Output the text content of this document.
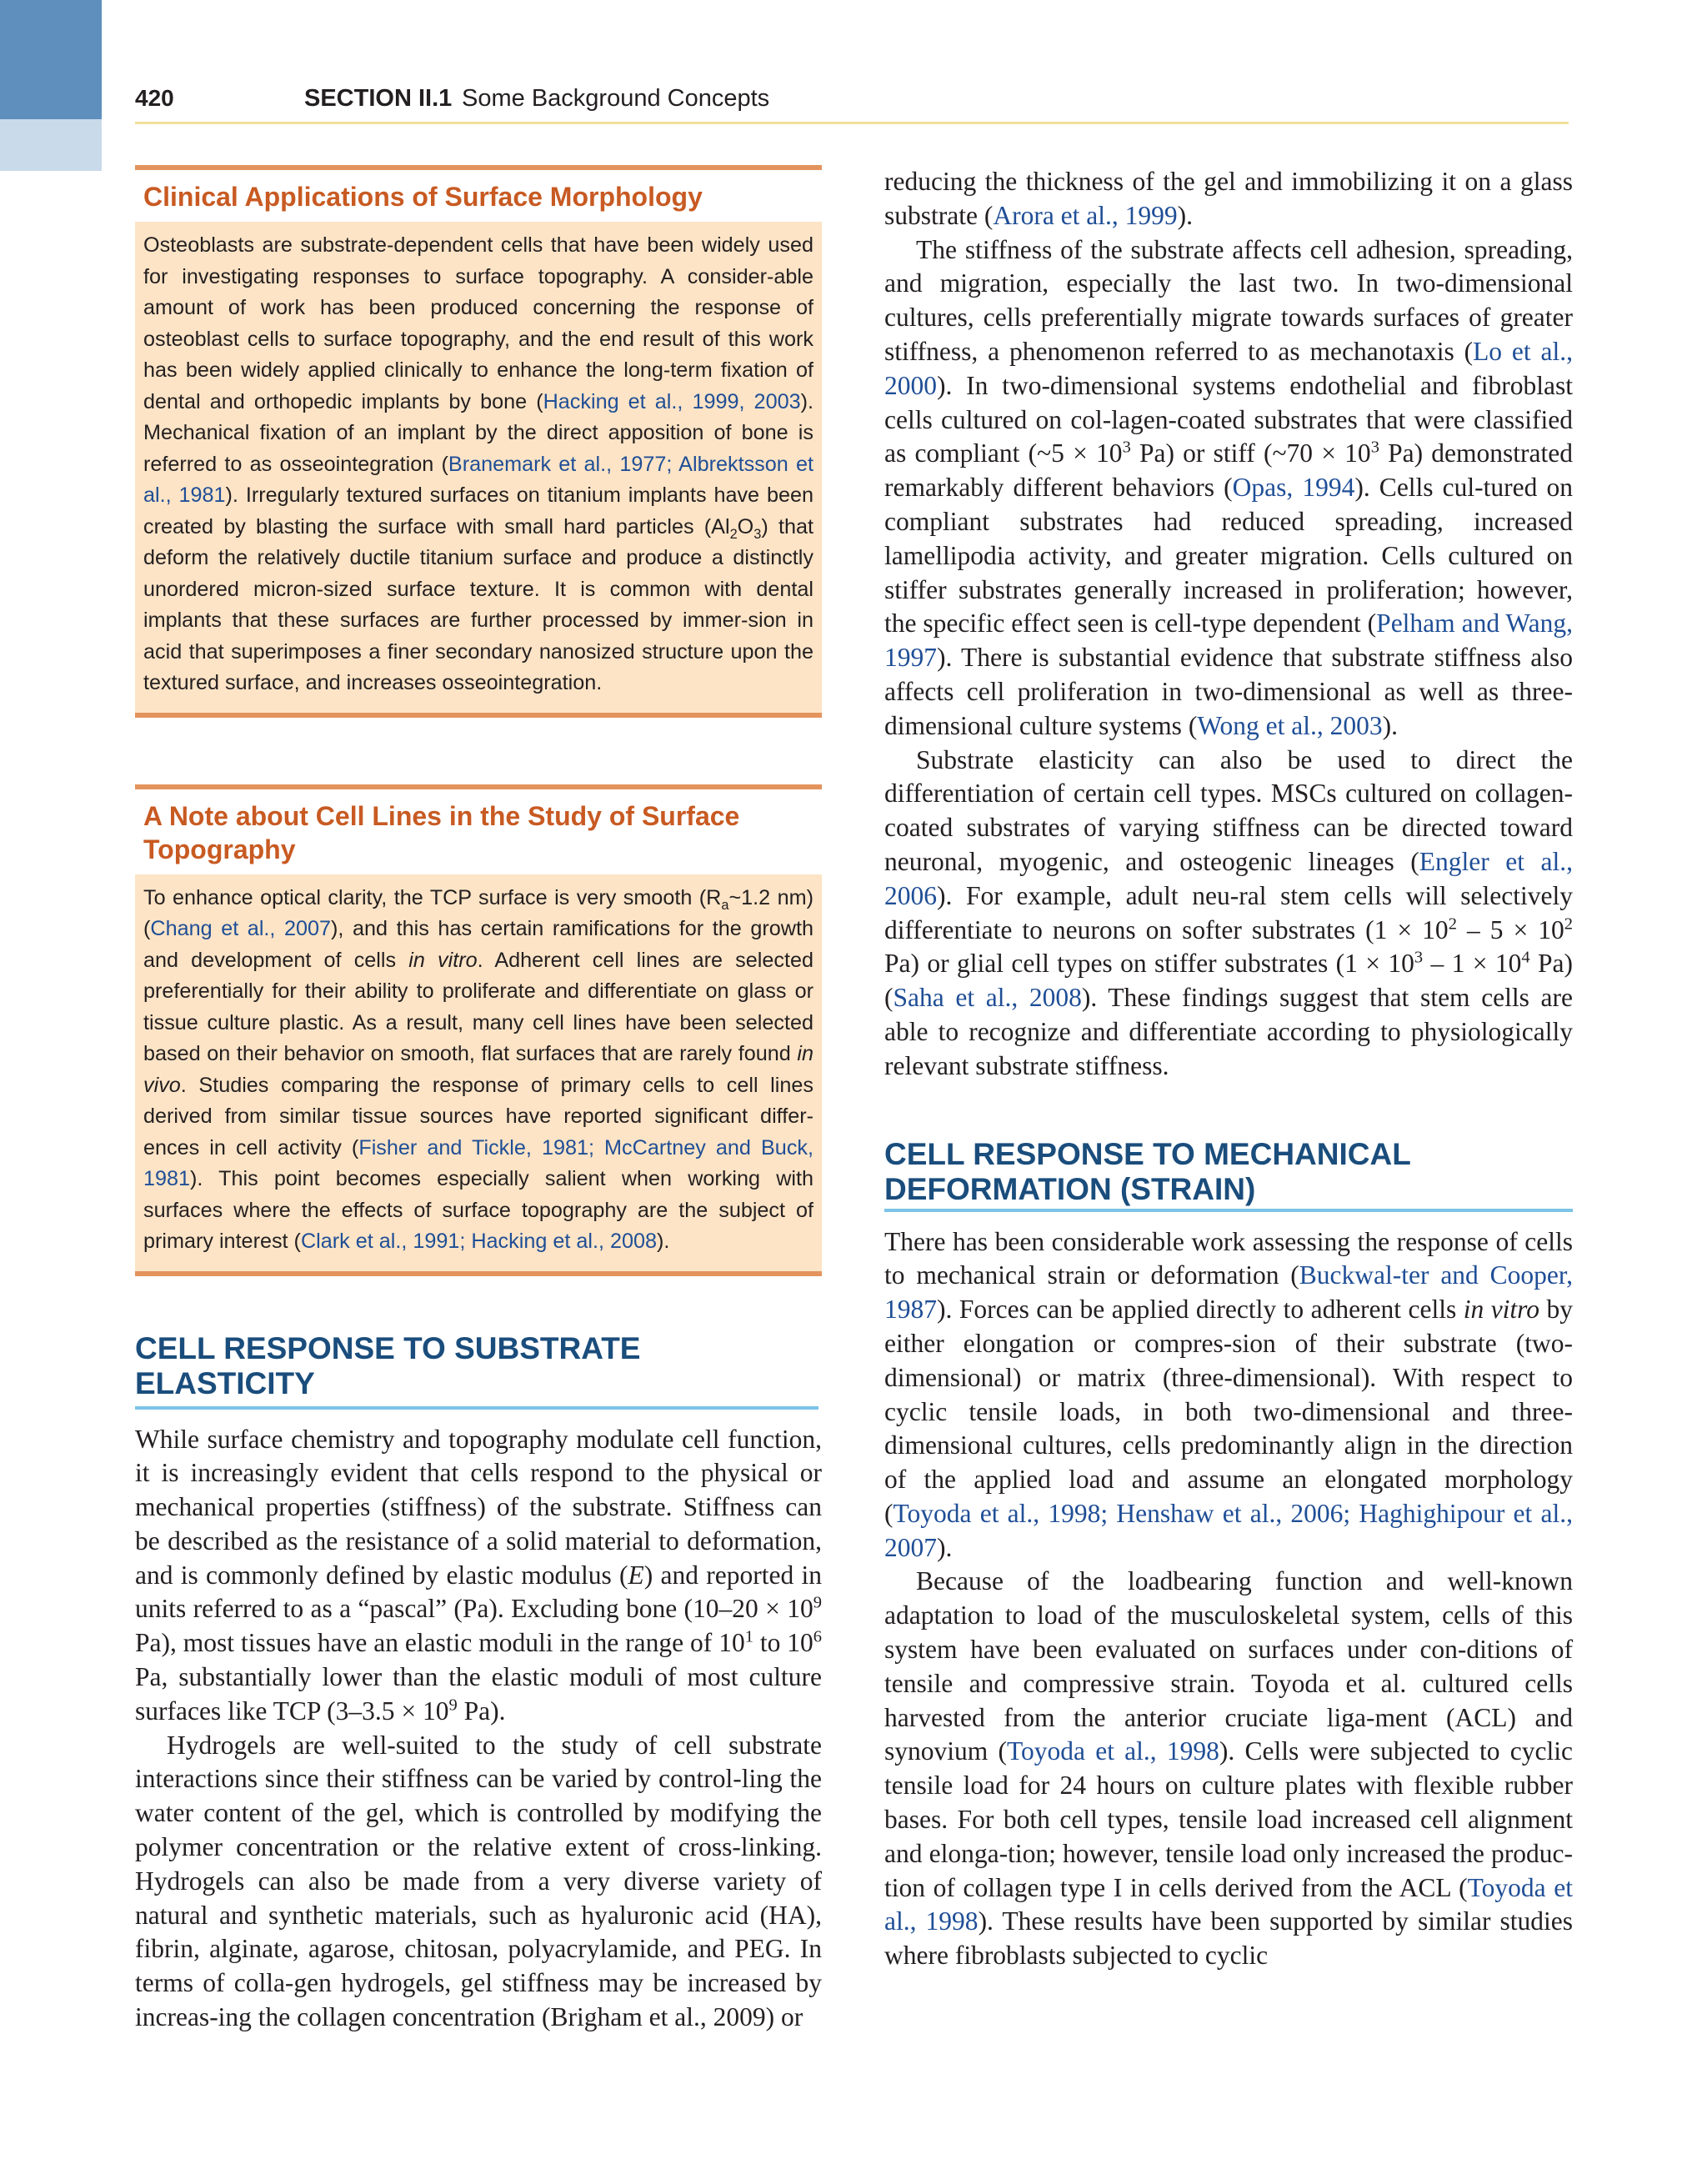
420	SECTION II.1 Some Background Concepts
Clinical Applications of Surface Morphology

Osteoblasts are substrate-dependent cells that have been widely used for investigating responses to surface topography. A consider-able amount of work has been produced concerning the response of osteoblast cells to surface topography, and the end result of this work has been widely applied clinically to enhance the long-term fixation of dental and orthopedic implants by bone (Hacking et al., 1999, 2003). Mechanical fixation of an implant by the direct apposition of bone is referred to as osseointegration (Branemark et al., 1977; Albrektsson et al., 1981). Irregularly textured surfaces on titanium implants have been created by blasting the surface with small hard particles $(Al_2O_3)$ that deform the relatively ductile titanium surface and produce a distinctly unordered micron-sized surface texture. It is common with dental implants that these surfaces are further processed by immer-sion in acid that superimposes a finer secondary nanosized structure upon the textured surface, and increases osseointegration.

A Note about Cell Lines in the Study of Surface Topography

To enhance optical clarity, the TCP surface is very smooth ($R_a\sim 1.2$ nm) (Chang et al., 2007), and this has certain ramifications for the growth and development of cells in vitro. Adherent cell lines are selected preferentially for their ability to proliferate and differentiate on glass or tissue culture plastic. As a result, many cell lines have been selected based on their behavior on smooth, flat surfaces that are rarely found in vivo. Studies comparing the response of primary cells to cell lines derived from similar tissue sources have reported significant differ-ences in cell activity (Fisher and Tickle, 1981; McCartney and Buck, 1981). This point becomes especially salient when working with surfaces where the effects of surface topography are the subject of primary interest (Clark et al., 1991; Hacking et al., 2008).

CELL RESPONSE TO SUBSTRATE ELASTICITY

While surface chemistry and topography modulate cell function, it is increasingly evident that cells respond to the physical or mechanical properties (stiffness) of the substrate. Stiffness can be described as the resistance of a solid material to deformation, and is commonly defined by elastic modulus (E) and reported in units referred to as a “pascal” (Pa). Excluding bone ($10-20 \times 10^9$ Pa), most tissues have an elastic moduli in the range of $10^1$ to $10^6$ Pa, substantially lower than the elastic moduli of most culture surfaces like TCP ($3-3.5 \times 10^9$ Pa).

Hydrogels are well-suited to the study of cell substrate interactions since their stiffness can be varied by control-ling the water content of the gel, which is controlled by modifying the polymer concentration or the relative extent of cross-linking. Hydrogels can also be made from a very diverse variety of natural and synthetic materials, such as hyaluronic acid (HA), fibrin, alginate, agarose, chitosan, polyacrylamide, and PEG. In terms of colla-gen hydrogels, gel stiffness may be increased by increas-ing the collagen concentration (Brigham et al., 2009) or

reducing the thickness of the gel and immobilizing it on a glass substrate (Arora et al., 1999).

The stiffness of the substrate affects cell adhesion, spreading, and migration, especially the last two. In two-dimensional cultures, cells preferentially migrate towards surfaces of greater stiffness, a phenomenon referred to as mechanotaxis (Lo et al., 2000). In two-dimensional systems endothelial and fibroblast cells cultured on col-lagen-coated substrates that were classified as compliant (~5 × $10^3$ Pa) or stiff (~70 × $10^3$ Pa) demonstrated remarkably different behaviors (Opas, 1994). Cells cul-tured on compliant substrates had reduced spreading, increased lamellipodia activity, and greater migration. Cells cultured on stiffer substrates generally increased in proliferation; however, the specific effect seen is cell-type dependent (Pelham and Wang, 1997). There is substantial evidence that substrate stiffness also affects cell proliferation in two-dimensional as well as three-dimensional culture systems (Wong et al., 2003).

Substrate elasticity can also be used to direct the differentiation of certain cell types. MSCs cultured on collagen-coated substrates of varying stiffness can be directed toward neuronal, myogenic, and osteogenic lineages (Engler et al., 2006). For example, adult neu-ral stem cells will selectively differentiate to neurons on softer substrates ($1 \times 10^2 - 5 \times 10^2$ Pa) or glial cell types on stiffer substrates ($1 \times 10^3 - 1 \times 10^4$ Pa) (Saha et al., 2008). These findings suggest that stem cells are able to recognize and differentiate according to physiologically relevant substrate stiffness.

CELL RESPONSE TO MECHANICAL DEFORMATION (STRAIN)

There has been considerable work assessing the response of cells to mechanical strain or deformation (Buckwal-ter and Cooper, 1987). Forces can be applied directly to adherent cells in vitro by either elongation or compres-sion of their substrate (two-dimensional) or matrix (three-dimensional). With respect to cyclic tensile loads, in both two-dimensional and three-dimensional cultures, cells predominantly align in the direction of the applied load and assume an elongated morphology (Toyoda et al., 1998; Henshaw et al., 2006; Haghighipour et al., 2007).

Because of the loadbearing function and well-known adaptation to load of the musculoskeletal system, cells of this system have been evaluated on surfaces under con-ditions of tensile and compressive strain. Toyoda et al. cultured cells harvested from the anterior cruciate liga-ment (ACL) and synovium (Toyoda et al., 1998). Cells were subjected to cyclic tensile load for 24 hours on culture plates with flexible rubber bases. For both cell types, tensile load increased cell alignment and elonga-tion; however, tensile load only increased the produc-tion of collagen type I in cells derived from the ACL (Toyoda et al., 1998). These results have been supported by similar studies where fibroblasts subjected to cyclic
